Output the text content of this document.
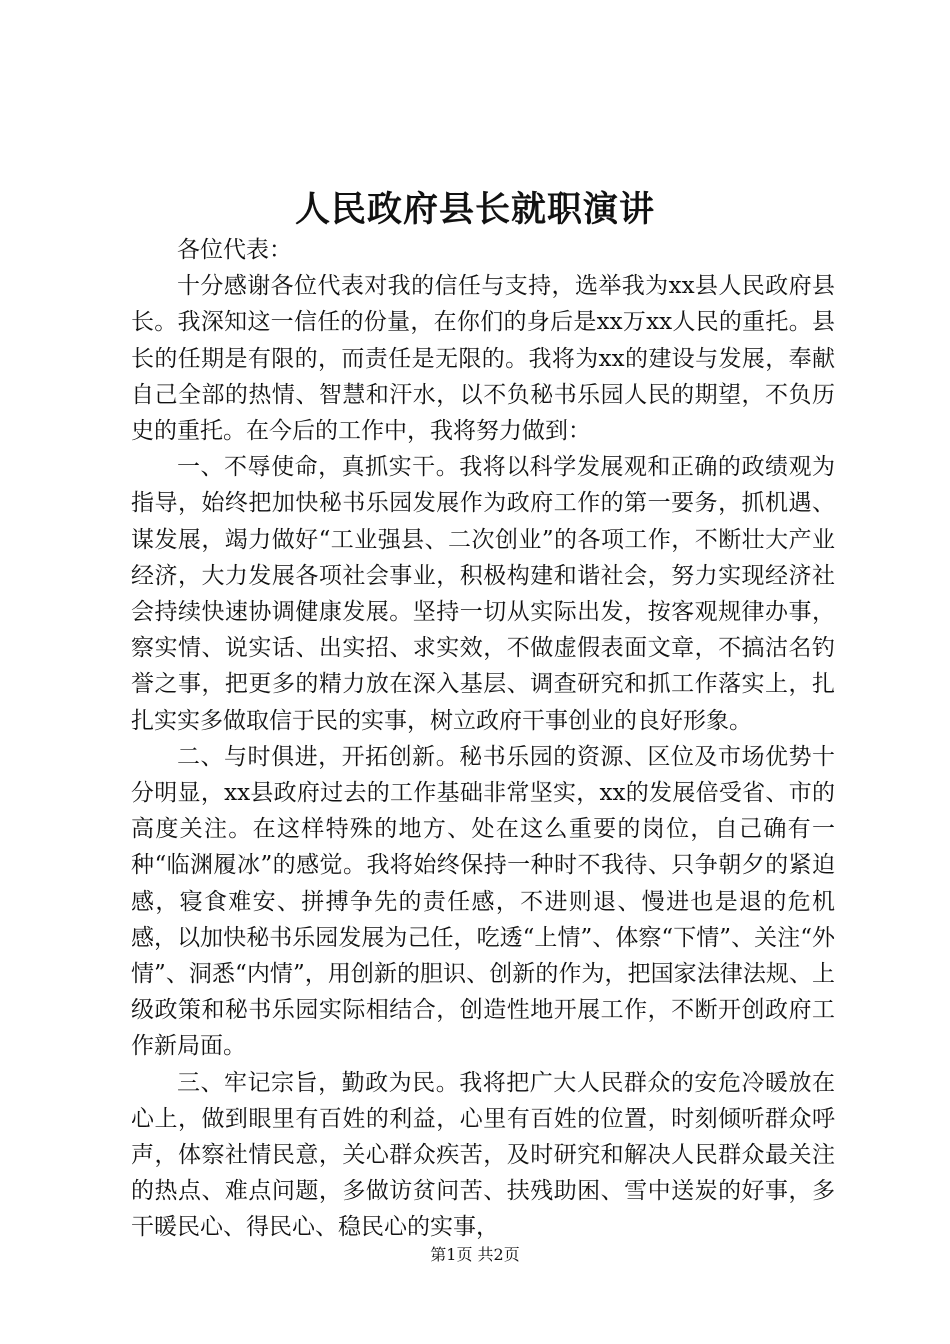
人民政府县长就职演讲

各位代表：

十分感谢各位代表对我的信任与支持，选举我为xx县人民政府县长。我深知这一信任的份量，在你们的身后是xx万xx人民的重托。县长的任期是有限的，而责任是无限的。我将为xx的建设与发展，奉献自己全部的热情、智慧和汗水，以不负秘书乐园人民的期望，不负历史的重托。在今后的工作中，我将努力做到：

一、不辱使命，真抓实干。我将以科学发展观和正确的政绩观为指导，始终把加快秘书乐园发展作为政府工作的第一要务，抓机遇、谋发展，竭力做好“工业强县、二次创业”的各项工作，不断壮大产业经济，大力发展各项社会事业，积极构建和谐社会，努力实现经济社会持续快速协调健康发展。坚持一切从实际出发，按客观规律办事，察实情、说实话、出实招、求实效，不做虚假表面文章，不搞沽名钓誉之事，把更多的精力放在深入基层、调查研究和抓工作落实上，扎扎实实多做取信于民的实事，树立政府干事创业的良好形象。

二、与时俱进，开拓创新。秘书乐园的资源、区位及市场优势十分明显，xx县政府过去的工作基础非常坚实，xx的发展倍受省、市的高度关注。在这样特殊的地方、处在这么重要的岗位，自己确有一种“临渊履冰”的感觉。我将始终保持一种时不我待、只争朝夕的紧迫感，寝食难安、拼搏争先的责任感，不进则退、慢进也是退的危机感，以加快秘书乐园发展为己任，吃透“上情”、体察“下情”、关注“外情”、洞悉“内情”，用创新的胆识、创新的作为，把国家法律法规、上级政策和秘书乐园实际相结合，创造性地开展工作，不断开创政府工作新局面。

三、牢记宗旨，勤政为民。我将把广大人民群众的安危冷暖放在心上，做到眼里有百姓的利益，心里有百姓的位置，时刻倾听群众呼声，体察社情民意，关心群众疾苦，及时研究和解决人民群众最关注的热点、难点问题，多做访贫问苦、扶残助困、雪中送炭的好事，多干暖民心、得民心、稳民心的实事，

第1页 共2页
